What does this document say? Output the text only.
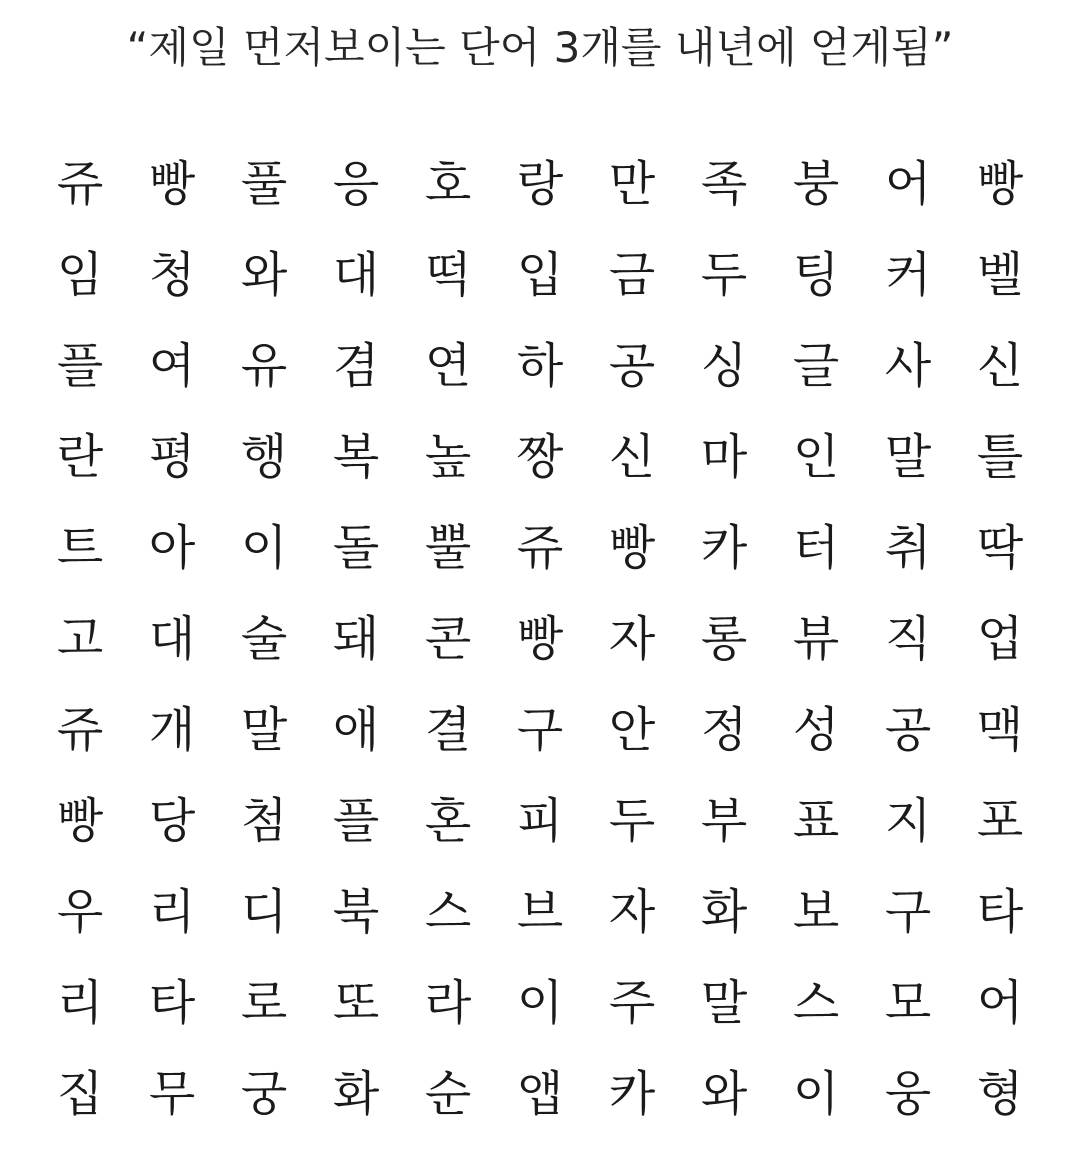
“제일 먼저보이는 단어 3개를 내년에 얻게됨”
쥬 빵 풀 응 호 랑 만 족 붕 어 빵
임 청 와 대 떡 입 금 두 팅 커 벨
플 여 유 겸 연 하 공 싱 글 사 신
란 평 행 복 높 짱 신 마 인 말 틀
트 아 이 돌 뿔 쥬 빵 카 터 취 딱
고 대 술 돼 콘 빵 자 롱 뷰 직 업
쥬 개 말 애 결 구 안 정 성 공 맥
빵 당 첨 플 혼 피 두 부 표 지 포
우 리 디 북 스 브 자 화 보 구 타
리 타 로 또 라 이 주 말 스 모 어
집 무 궁 화 순 앱 카 와 이 웅 형
